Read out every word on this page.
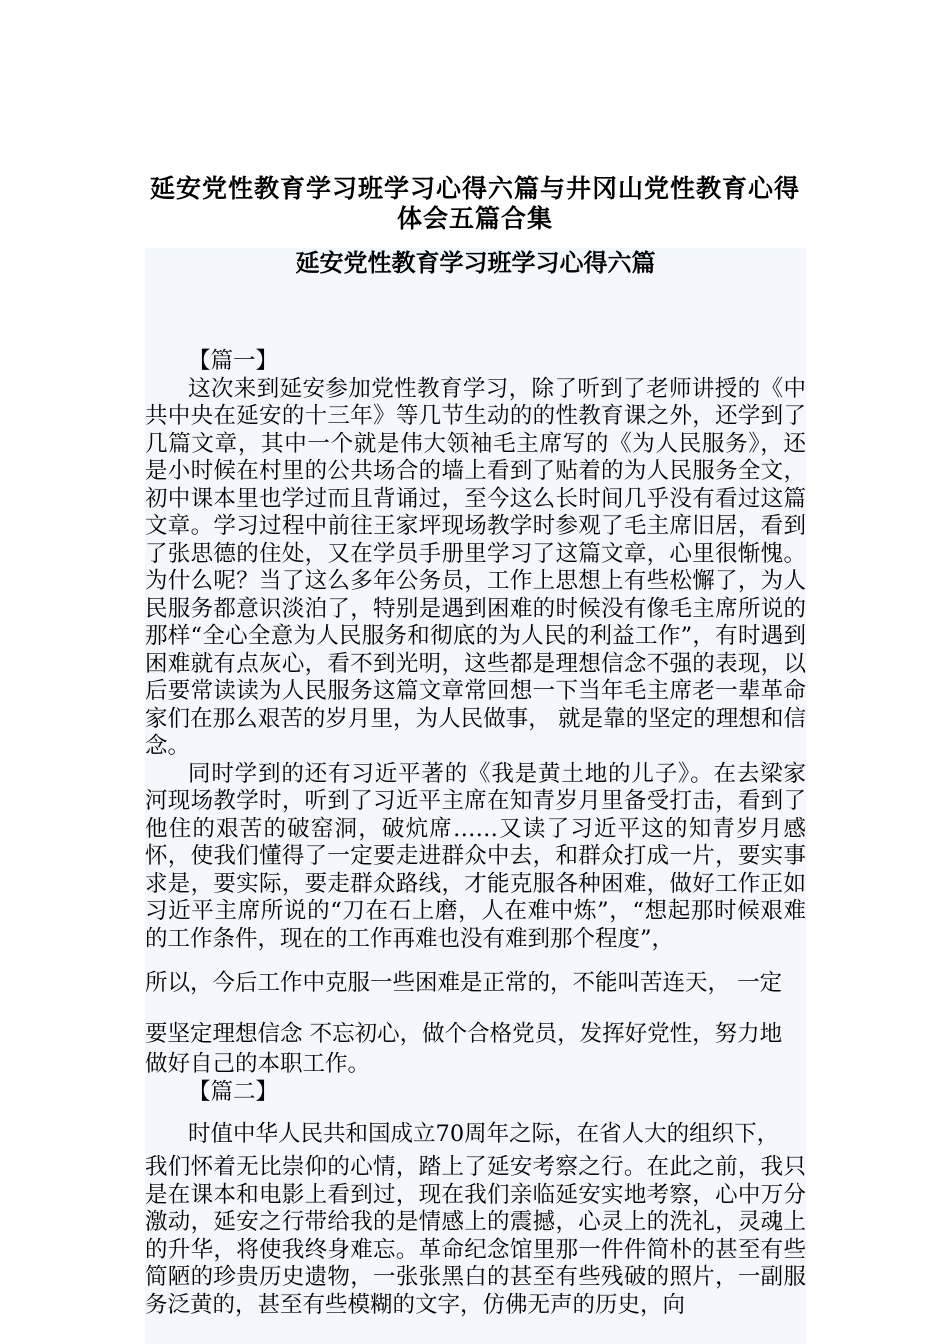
延安党性教育学习班学习心得六篇与井冈山党性教育心得
体会五篇合集
延安党性教育学习班学习心得六篇

【篇一】

这次来到延安参加党性教育学习，除了听到了老师讲授的《中共中央在延安的十三年》等几节生动的的性教育课之外，还学到了几篇文章，其中一个就是伟大领袖毛主席写的《为人民服务》，还是小时候在村里的公共场合的墙上看到了贴着的为人民服务全文，初中课本里也学过而且背诵过，至今这么长时间几乎没有看过这篇文章。学习过程中前往王家坪现场教学时参观了毛主席旧居，看到了张思德的住处，又在学员手册里学习了这篇文章，心里很惭愧。为什么呢？当了这么多年公务员，工作上思想上有些松懈了，为人民服务都意识淡泊了，特别是遇到困难的时候没有像毛主席所说的那样“全心全意为人民服务和彻底的为人民的利益工作”，有时遇到困难就有点灰心，看不到光明，这些都是理想信念不强的表现，以后要常读读为人民服务这篇文章常回想一下当年毛主席老一辈革命家们在那么艰苦的岁月里，为人民做事， 就是靠的坚定的理想和信念。

同时学到的还有习近平著的《我是黄土地的儿子》。在去梁家河现场教学时，听到了习近平主席在知青岁月里备受打击，看到了他住的艰苦的破窑洞，破炕席……又读了习近平这的知青岁月感怀，使我们懂得了一定要走进群众中去，和群众打成一片，要实事求是，要实际，要走群众路线，才能克服各种困难，做好工作正如习近平主席所说的“刀在石上磨，人在难中炼”，“想起那时候艰难的工作条件，现在的工作再难也没有难到那个程度”，

所以，今后工作中克服一些困难是正常的，不能叫苦连天， 一定

要坚定理想信念 不忘初心，做个合格党员，发挥好党性，努力地

做好自己的本职工作。

【篇二】

时值中华人民共和国成立70周年之际，在省人大的组织下，

我们怀着无比崇仰的心情，踏上了延安考察之行。在此之前，我只是在课本和电影上看到过，现在我们亲临延安实地考察，心中万分激动，延安之行带给我的是情感上的震撼，心灵上的洗礼，灵魂上的升华，将使我终身难忘。革命纪念馆里那一件件简朴的甚至有些简陋的珍贵历史遗物，一张张黑白的甚至有些残破的照片，一副服务泛黄的，甚至有些模糊的文字，仿佛无声的历史，向
